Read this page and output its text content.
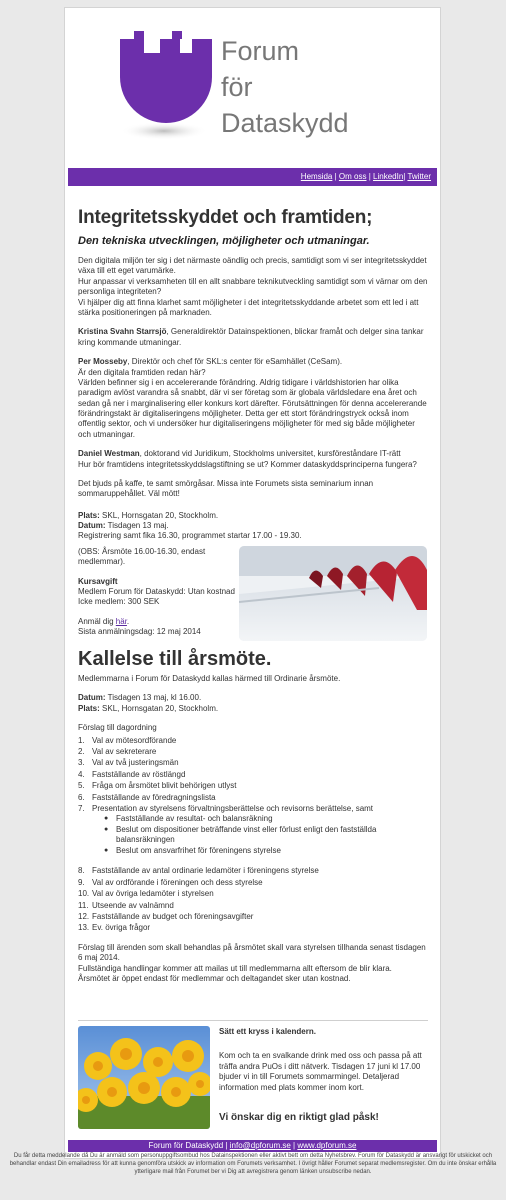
Forum
för
Dataskydd
Hemsida | Om oss | LinkedIn| Twitter
Integritetsskyddet och framtiden;
Den tekniska utvecklingen, möjligheter och utmaningar.

Den digitala miljön ter sig i det närmaste oändlig och precis, samtidigt som vi ser integritetsskyddet växa till ett eget varumärke.
Hur anpassar vi verksamheten till en allt snabbare teknikutveckling samtidigt som vi värnar om den personliga integriteten?
Vi hjälper dig att finna klarhet samt möjligheter i det integritetsskyddande arbetet som ett led i att stärka positioneringen på marknaden.

Kristina Svahn Starrsjö, Generaldirektör Datainspektionen, blickar framåt och delger sina tankar kring kommande utmaningar.

Per Mosseby, Direktör och chef för SKL:s center för eSamhället (CeSam).
Är den digitala framtiden redan här?
Världen befinner sig i en accelererande förändring. Aldrig tidigare i världshistorien har olika paradigm avlöst varandra så snabbt, där vi ser företag som är globala världsledare ena året och sedan gå ner i marginalisering eller konkurs kort därefter. Förutsättningen för denna accelererande förändringstakt är digitaliseringens möjligheter. Detta ger ett stort förändringstryck också inom offentlig sektor, och vi undersöker hur digitaliseringens möjligheter för med sig både möjligheter och utmaningar.

Daniel Westman, doktorand vid Juridikum, Stockholms universitet, kursföreståndare IT-rätt
Hur bör framtidens integritetsskyddslagstiftning se ut? Kommer dataskyddsprinciperna fungera?

Det bjuds på kaffe, te samt smörgåsar. Missa inte Forumets sista seminarium innan sommaruppehållet. Väl mött!

Plats: SKL, Hornsgatan 20, Stockholm.
Datum: Tisdagen 13 maj.
(OBS: Årsmöte 16.00-16.30, endast medlemmar).
Kursavgift
Medlem Forum för Dataskydd: Utan kostnad
Icke medlem: 300 SEK
Anmäl dig här.
Sista anmälningsdag: 12 maj 2014
Registrering samt fika 16.30, programmet startar 17.00 - 19.30.
Kallelse till årsmöte.

Medlemmarna i Forum för Dataskydd kallas härmed till Ordinarie årsmöte.

Datum: Tisdagen 13 maj, kl 16.00.
Plats: SKL, Hornsgatan 20, Stockholm.

Förslag till dagordning
1. Val av mötesordförande
2. Val av sekreterare
3. Val av två justeringsmän
4. Fastställande av röstlängd
5. Fråga om årsmötet blivit behörigen utlyst
6. Fastställande av föredragningslista
7. Presentation av styrelsens förvaltningsberättelse och revisorns berättelse, samt
● Fastställande av resultat- och balansräkning
● Beslut om dispositioner beträffande vinst eller förlust enligt den fastställda balansräkningen
● Beslut om ansvarfrihet för föreningens styrelse
8. Fastställande av antal ordinarie ledamöter i föreningens styrelse
9. Val av ordförande i föreningen och dess styrelse
10. Val av övriga ledamöter i styrelsen
11. Utseende av valnämnd
12. Fastställande av budget och föreningsavgifter
13. Ev. övriga frågor

Förslag till ärenden som skall behandlas på årsmötet skall vara styrelsen tillhanda senast tisdagen 6 maj 2014.
Fullständiga handlingar kommer att mailas ut till medlemmarna allt eftersom de blir klara.
Årsmötet är öppet endast för medlemmar och deltagandet sker utan kostnad.

Sätt ett kryss i kalendern.
Kom och ta en svalkande drink med oss och passa på att träffa andra PuOs i ditt nätverk. Tisdagen 17 juni kl 17.00 bjuder vi in till Forumets sommarmingel. Detaljerad information med plats kommer inom kort.
Vi önskar dig en riktigt glad påsk!
Forum för Dataskydd | info@dpforum.se | www.dpforum.se
Du får detta meddelande då Du är anmäld som personuppgiftsombud hos Datainspektionen eller aktivt bett om detta Nyhetsbrev. Forum för Dataskydd är ansvarigt för utskicket och behandlar endast Din emailadress för att kunna genomföra utskick av information om Forumets verksamhet. I övrigt håller Forumet separat medlemsregister. Om du inte önskar erhålla ytterligare mail från Forumet ber vi Dig att avregistrera genom länken unsubscribe nedan.
